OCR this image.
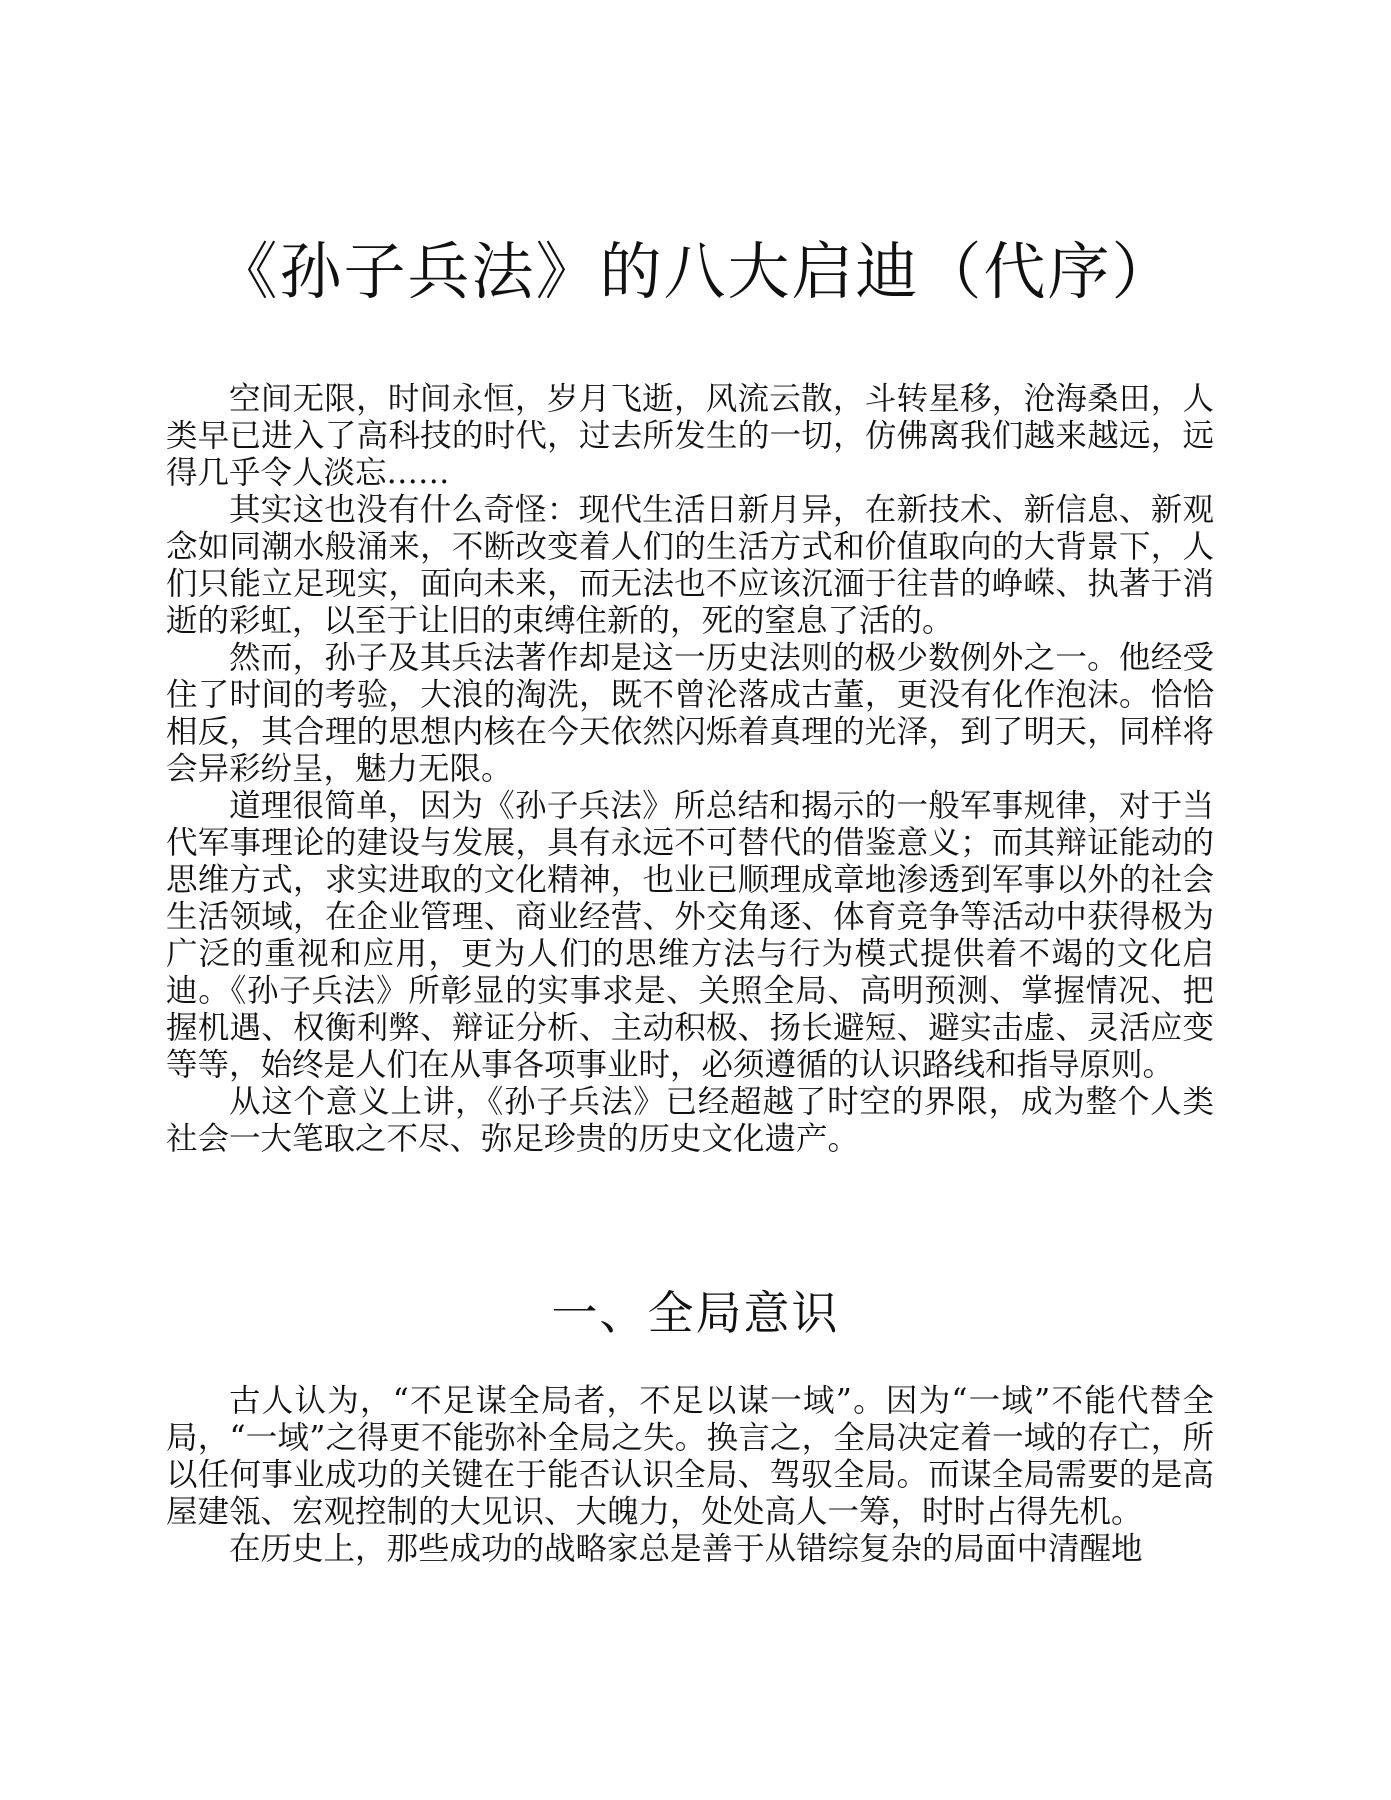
《孙子兵法》的八大启迪（代序）

空间无限，时间永恒，岁月飞逝，风流云散，斗转星移，沧海桑田，人类早已进入了高科技的时代，过去所发生的一切，仿佛离我们越来越远，远得几乎令人淡忘……

其实这也没有什么奇怪：现代生活日新月异，在新技术、新信息、新观念如同潮水般涌来，不断改变着人们的生活方式和价值取向的大背景下，人们只能立足现实，面向未来，而无法也不应该沉湎于往昔的峥嵘、执著于消逝的彩虹，以至于让旧的束缚住新的，死的窒息了活的。

然而，孙子及其兵法著作却是这一历史法则的极少数例外之一。他经受住了时间的考验，大浪的淘洗，既不曾沦落成古董，更没有化作泡沫。恰恰相反，其合理的思想内核在今天依然闪烁着真理的光泽，到了明天，同样将会异彩纷呈，魅力无限。

道理很简单，因为《孙子兵法》所总结和揭示的一般军事规律，对于当代军事理论的建设与发展，具有永远不可替代的借鉴意义；而其辩证能动的思维方式，求实进取的文化精神，也业已顺理成章地渗透到军事以外的社会生活领域，在企业管理、商业经营、外交角逐、体育竞争等活动中获得极为广泛的重视和应用，更为人们的思维方法与行为模式提供着不竭的文化启迪。《孙子兵法》所彰显的实事求是、关照全局、高明预测、掌握情况、把握机遇、权衡利弊、辩证分析、主动积极、扬长避短、避实击虚、灵活应变等等，始终是人们在从事各项事业时，必须遵循的认识路线和指导原则。

从这个意义上讲，《孙子兵法》已经超越了时空的界限，成为整个人类社会一大笔取之不尽、弥足珍贵的历史文化遗产。

一、全局意识

古人认为，“不足谋全局者，不足以谋一域”。因为“一域”不能代替全局，“一域”之得更不能弥补全局之失。换言之，全局决定着一域的存亡，所以任何事业成功的关键在于能否认识全局、驾驭全局。而谋全局需要的是高屋建瓴、宏观控制的大见识、大魄力，处处高人一筹，时时占得先机。

在历史上，那些成功的战略家总是善于从错综复杂的局面中清醒地
